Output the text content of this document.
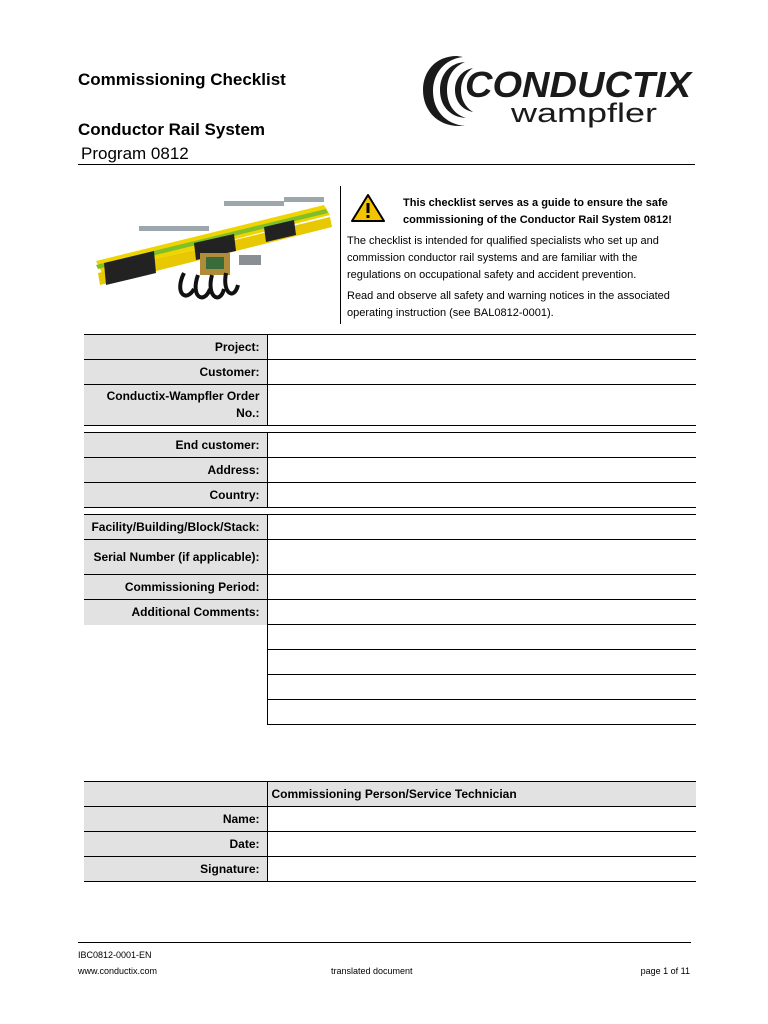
Commissioning Checklist
Conductor Rail System
Program 0812
CONDUCTIX
wampfler
This checklist serves as a guide to ensure the safe commissioning of the Conductor Rail System 0812!

The checklist is intended for qualified specialists who set up and commission conductor rail systems and are familiar with the regulations on occupational safety and accident prevention.

Read and observe all safety and warning notices in the associated operating instruction (see BAL0812-0001).

Project:	
Customer:	
Conductix-Wampfler Order No.:	

End customer:	
Address:	
Country:	

Facility/Building/Block/Stack:	
Serial Number (if applicable):	
Commissioning Period:	
Additional Comments:	

	Commissioning Person/Service Technician
Name:	
Date:	
Signature:	
IBC0812-0001-EN
www.conductix.com	translated document	page 1 of 11
